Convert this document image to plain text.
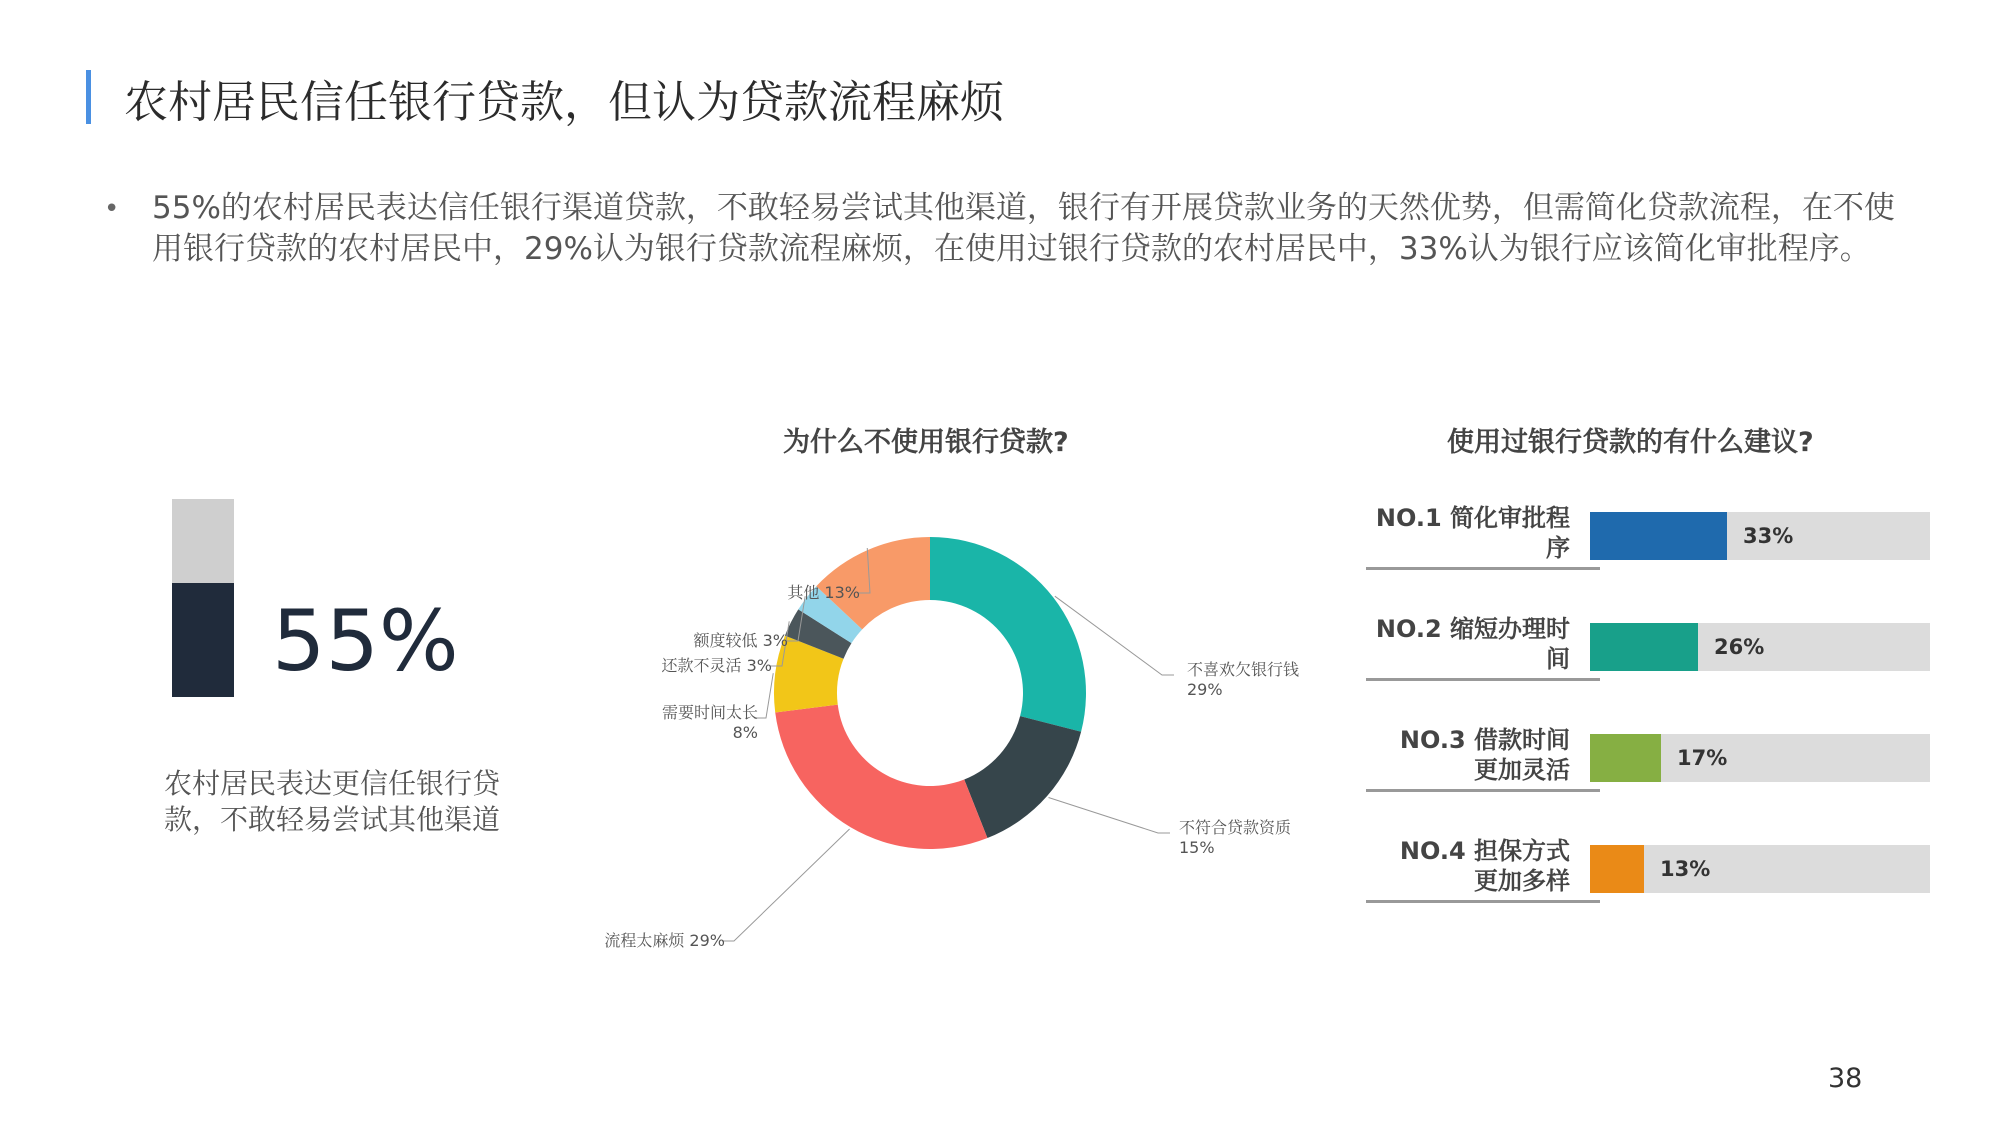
农村居民信任银行贷款，但认为贷款流程麻烦
• 55%的农村居民表达信任银行渠道贷款，不敢轻易尝试其他渠道，银行有开展贷款业务的天然优势，但需简化贷款流程，在不使用银行贷款的农村居民中，29%认为银行贷款流程麻烦，在使用过银行贷款的农村居民中，33%认为银行应该简化审批程序。
55%
农村居民表达更信任银行贷款，不敢轻易尝试其他渠道
为什么不使用银行贷款?
不喜欢欠银行钱
29%
不符合贷款资质
15%
流程太麻烦 29%
需要时间太长
8%
还款不灵活 3%
额度较低 3%
其他 13%
使用过银行贷款的有什么建议?
NO.1 简化审批程序	33%
NO.2 缩短办理时间	26%
NO.3 借款时间
更加灵活	17%
NO.4 担保方式
更加多样	13%
38
